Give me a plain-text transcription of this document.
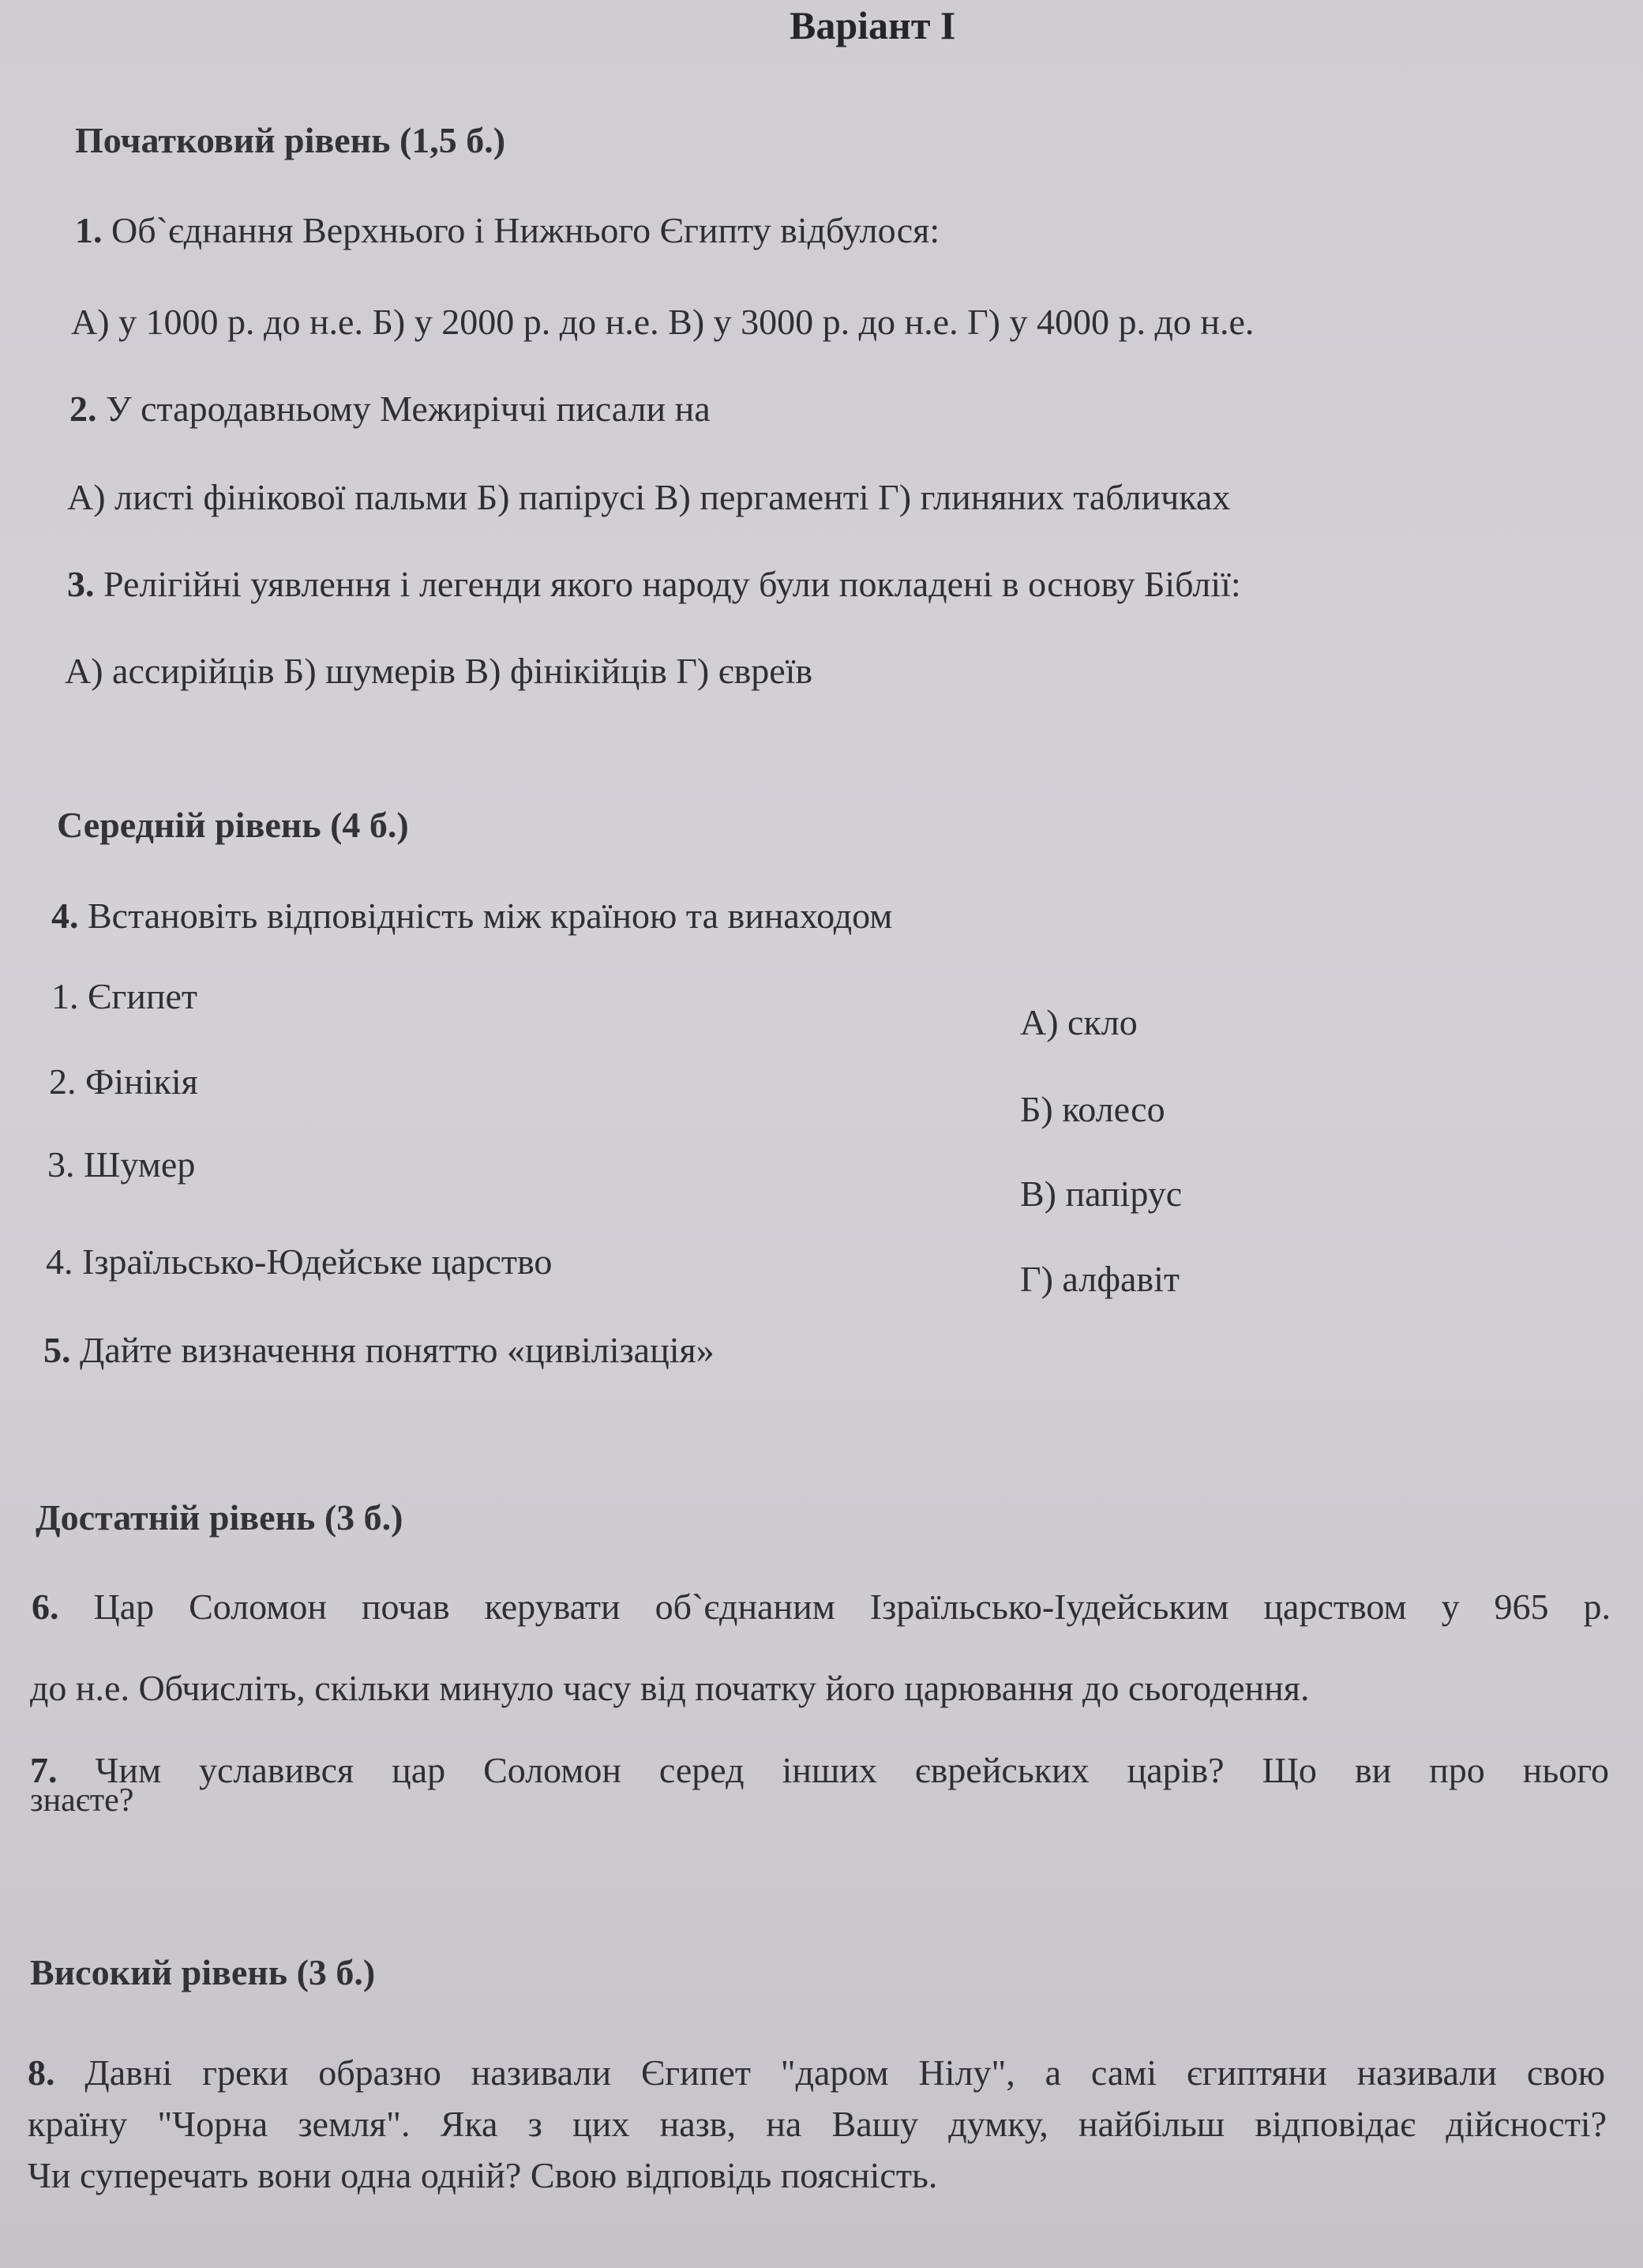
Варіант І
Початковий рівень (1,5 б.)
1. Об`єднання Верхнього і Нижнього Єгипту відбулося:
А) у 1000 р. до н.е. Б) у 2000 р. до н.е. В) у 3000 р. до н.е. Г) у 4000 р. до н.е.
2. У стародавньому Межиріччі писали на
А) листі фінікової пальми Б) папірусі В) пергаменті Г) глиняних табличках
3. Релігійні уявлення і легенди якого народу були покладені в основу Біблії:
А) ассирійців Б) шумерів В) фінікійців Г) євреїв
Середній рівень (4 б.)
4. Встановіть відповідність між країною та винаходом
1. Єгипет
2. Фінікія
3. Шумер
4. Ізраїльсько-Юдейське царство
А) скло
Б) колесо
В) папірус
Г) алфавіт
5. Дайте визначення поняттю «цивілізація»
Достатній рівень (3 б.)
6. Цар Соломон почав керувати об`єднаним Ізраїльсько-Іудейським царством у 965 р.
до н.е. Обчисліть, скільки минуло часу від початку його царювання до сьогодення.
7. Чим уславився цар Соломон серед інших єврейських царів? Що ви про нього
знаєте?
Високий рівень (3 б.)
8. Давні греки образно називали Єгипет "даром Нілу", а самі єгиптяни називали свою
країну "Чорна земля". Яка з цих назв, на Вашу думку, найбільш відповідає дійсності?
Чи суперечать вони одна одній? Свою відповідь поясність.
